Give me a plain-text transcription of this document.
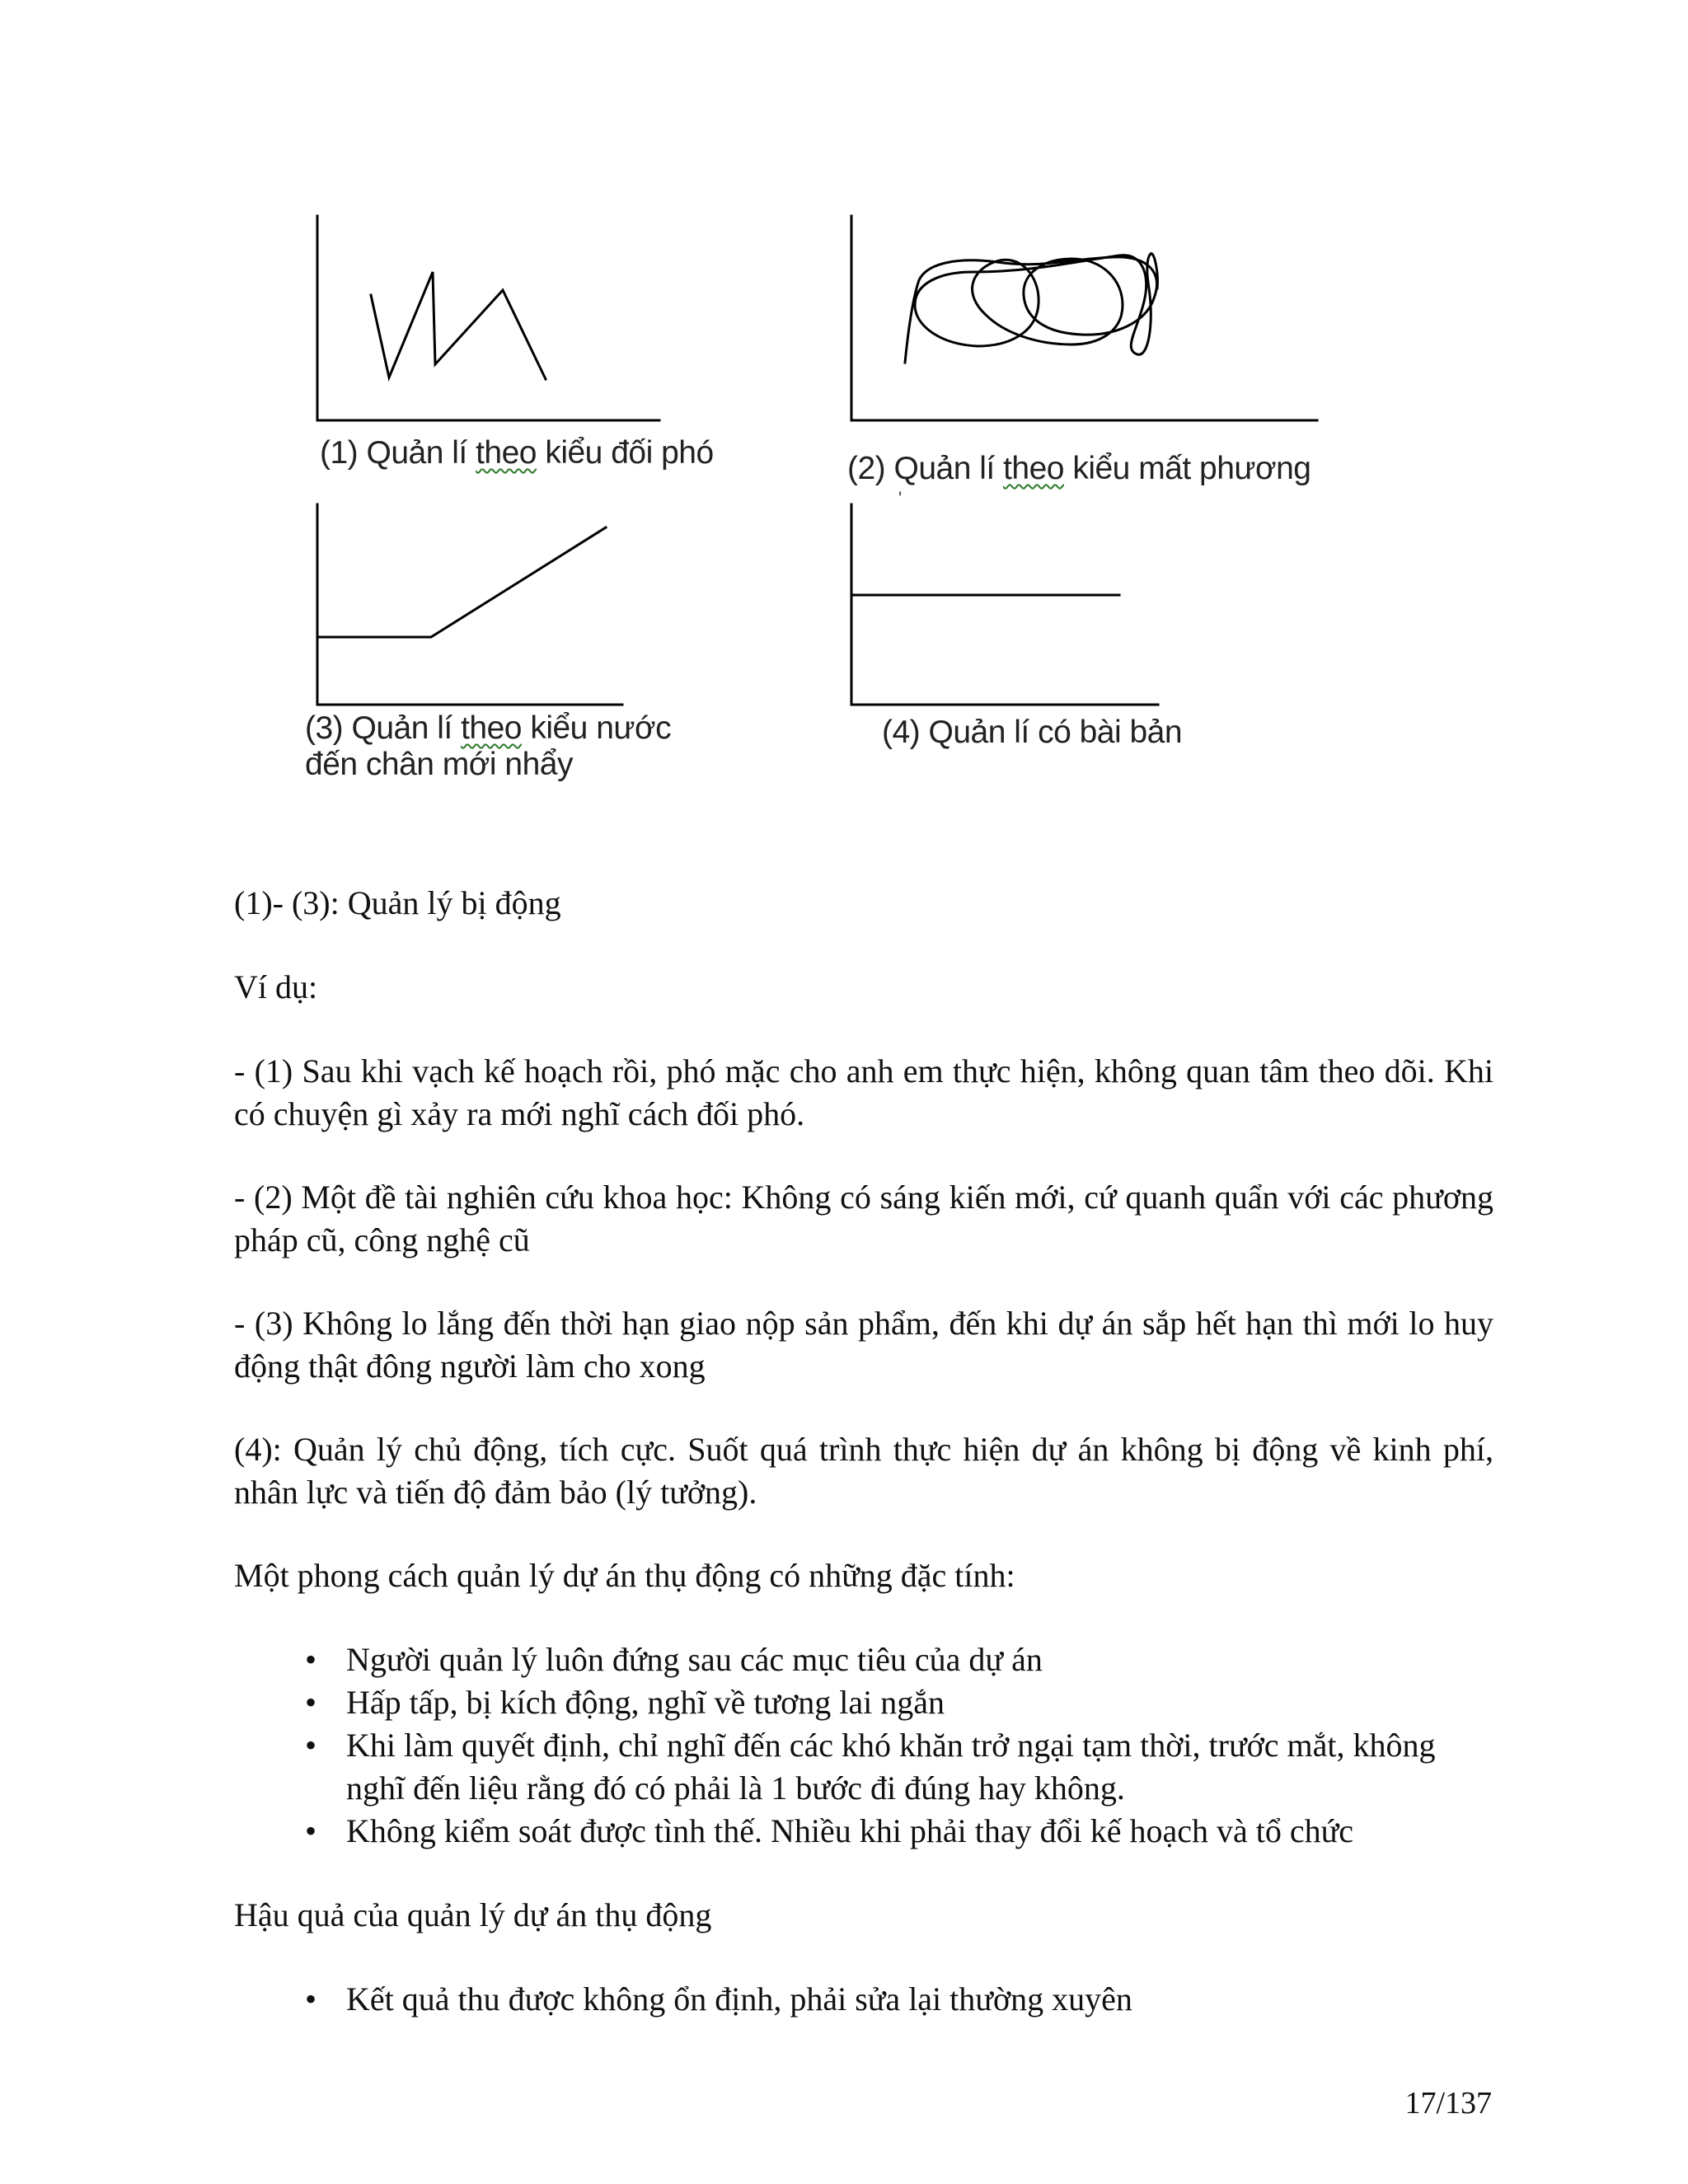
'
(1) Quản lí theo kiểu đối phó	(2) Quản lí theo kiểu mất phương
(3) Quản lí theo kiểu nước
đến chân mới nhẩy
(4) Quản lí có bài bản

(1)- (3): Quản lý bị động

Ví dụ:

- (1) Sau khi vạch kế hoạch rồi, phó mặc cho anh em thực hiện, không quan tâm theo dõi. Khi có chuyện gì xảy ra mới nghĩ cách đối phó.

- (2) Một đề tài nghiên cứu khoa học: Không có sáng kiến mới, cứ quanh quẩn với các phương pháp cũ, công nghệ cũ

- (3) Không lo lắng đến thời hạn giao nộp sản phẩm, đến khi dự án sắp hết hạn thì mới lo huy động thật đông người làm cho xong

(4): Quản lý chủ động, tích cực. Suốt quá trình thực hiện dự án không bị động về kinh phí, nhân lực và tiến độ đảm bảo (lý tưởng).

Một phong cách quản lý dự án thụ động có những đặc tính:

• Người quản lý luôn đứng sau các mục tiêu của dự án
• Hấp tấp, bị kích động, nghĩ về tương lai ngắn
• Khi làm quyết định, chỉ nghĩ đến các khó khăn trở ngại tạm thời, trước mắt, không nghĩ đến liệu rằng đó có phải là 1 bước đi đúng hay không.
• Không kiểm soát được tình thế. Nhiều khi phải thay đổi kế hoạch và tổ chức

Hậu quả của quản lý dự án thụ động

• Kết quả thu được không ổn định, phải sửa lại thường xuyên
17/137
